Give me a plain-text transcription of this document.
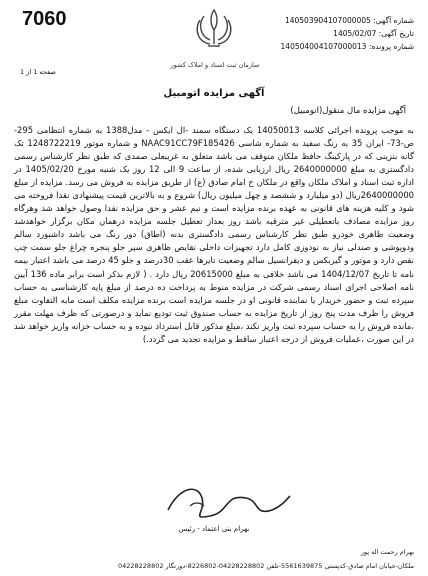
7060
سازمان ثبت اسناد و املاک کشور
شماره آگهی: 140503904107000005
تاریخ آگهی: 1405/02/07
شماره پرونده: 140504004107000013
صفحه 1 از 1
آگهی مزایده اتومبیل
آگهی مزایده مال منقول(اتومبیل)
به موجب پرونده اجرائی کلاسه 14050013 یک دستگاه سمند -ال ایکس - مدل1388 به شماره انتظامی 295-ص-73- ایران 35 به رنگ سفید به شماره شاسی NAAC91CC79F185426 و شماره موتور 1248722219 تک گانه بنزینی که در پارکینگ حافظ ملکان متوقف می باشد متعلق به غریبعلی صمدی که طبق نظر کارشناس رسمی دادگستری به مبلغ 2640000000 ریال ارزیابی شده، از ساعت 9 الی 12 روز یک شنبه مورخ 1405/02/20 در اداره ثبت اسناد و املاک ملکان واقع در ملکان خ امام صادق (ع) از طریق مزایده به فروش می رسد. مزایده از مبلغ 2640000000ریال (دو میلیارد و ششصد و چهل میلیون ریال) شروع و به بالاترین قیمت پیشنهادی نقدا فروخته می شود و کلیه هزینه های قانونی به عهده برنده مزایده است و نیم عشر و حق مزایده نقدا وصول خواهد شد وهرگاه روز مزایده مصادف باتعطیلی غیر مترقبه باشد روز بعداز تعطیل جلسه مزایده درهمان مکان برگزار خواهدشد وضعیت ظاهری خودرو طبق نظر کارشناس رسمی دادگستری بدنه (اطاق) دور رنگ می باشد داشبورد سالم ودوپوشی و صندلی نیاز به نودوزی کامل دارد تجهیزات داخلی نقایص ظاهری سپر جلو پنجره چراغ جلو سمت چپ نقص دارد و موتور و گیربکس و دیفرانسیل سالم وضعیت تایرها عقب 30درصد و جلو 45 درصد می باشد اعتبار بیمه نامه تا تاریخ 1404/12/07 می باشد خلافی به مبلغ 20615000 ریال دارد . ( لازم بذکر است برابر ماده 136 آیین نامه اصلاحی اجرای اسناد رسمی شرکت در مزایده منوط به پرداخت ده درصد از مبلغ پایه کارشناسی به حساب سپرده ثبت و حضور خریدار یا نماینده قانونی او در جلسه مزایده است برنده مزایده مکلف است مابه التفاوت مبلغ فروش را ظرف مدت پنج روز از تاریخ مزایده به حساب صندوق ثبت تودیع نماید و درصورتی که ظرف مهلت مقرر ،مانده فروش را به حساب سپرده ثبت واریز نکند ،مبلغ مذکور قابل استرداد نبوده و به حساب خزانه واریز خواهد شد در این صورت ،عملیات فروش از درجه اعتبار ساقط و مزایده تجدید می گردد.)
بهرام بنی اعتماد - رئیس
بهرام رحمت اله پور
ملکان-خیابان امام صادق-کدپستی 5561639875-تلفن 04228228802-8226802-دورنگار 04228228802
